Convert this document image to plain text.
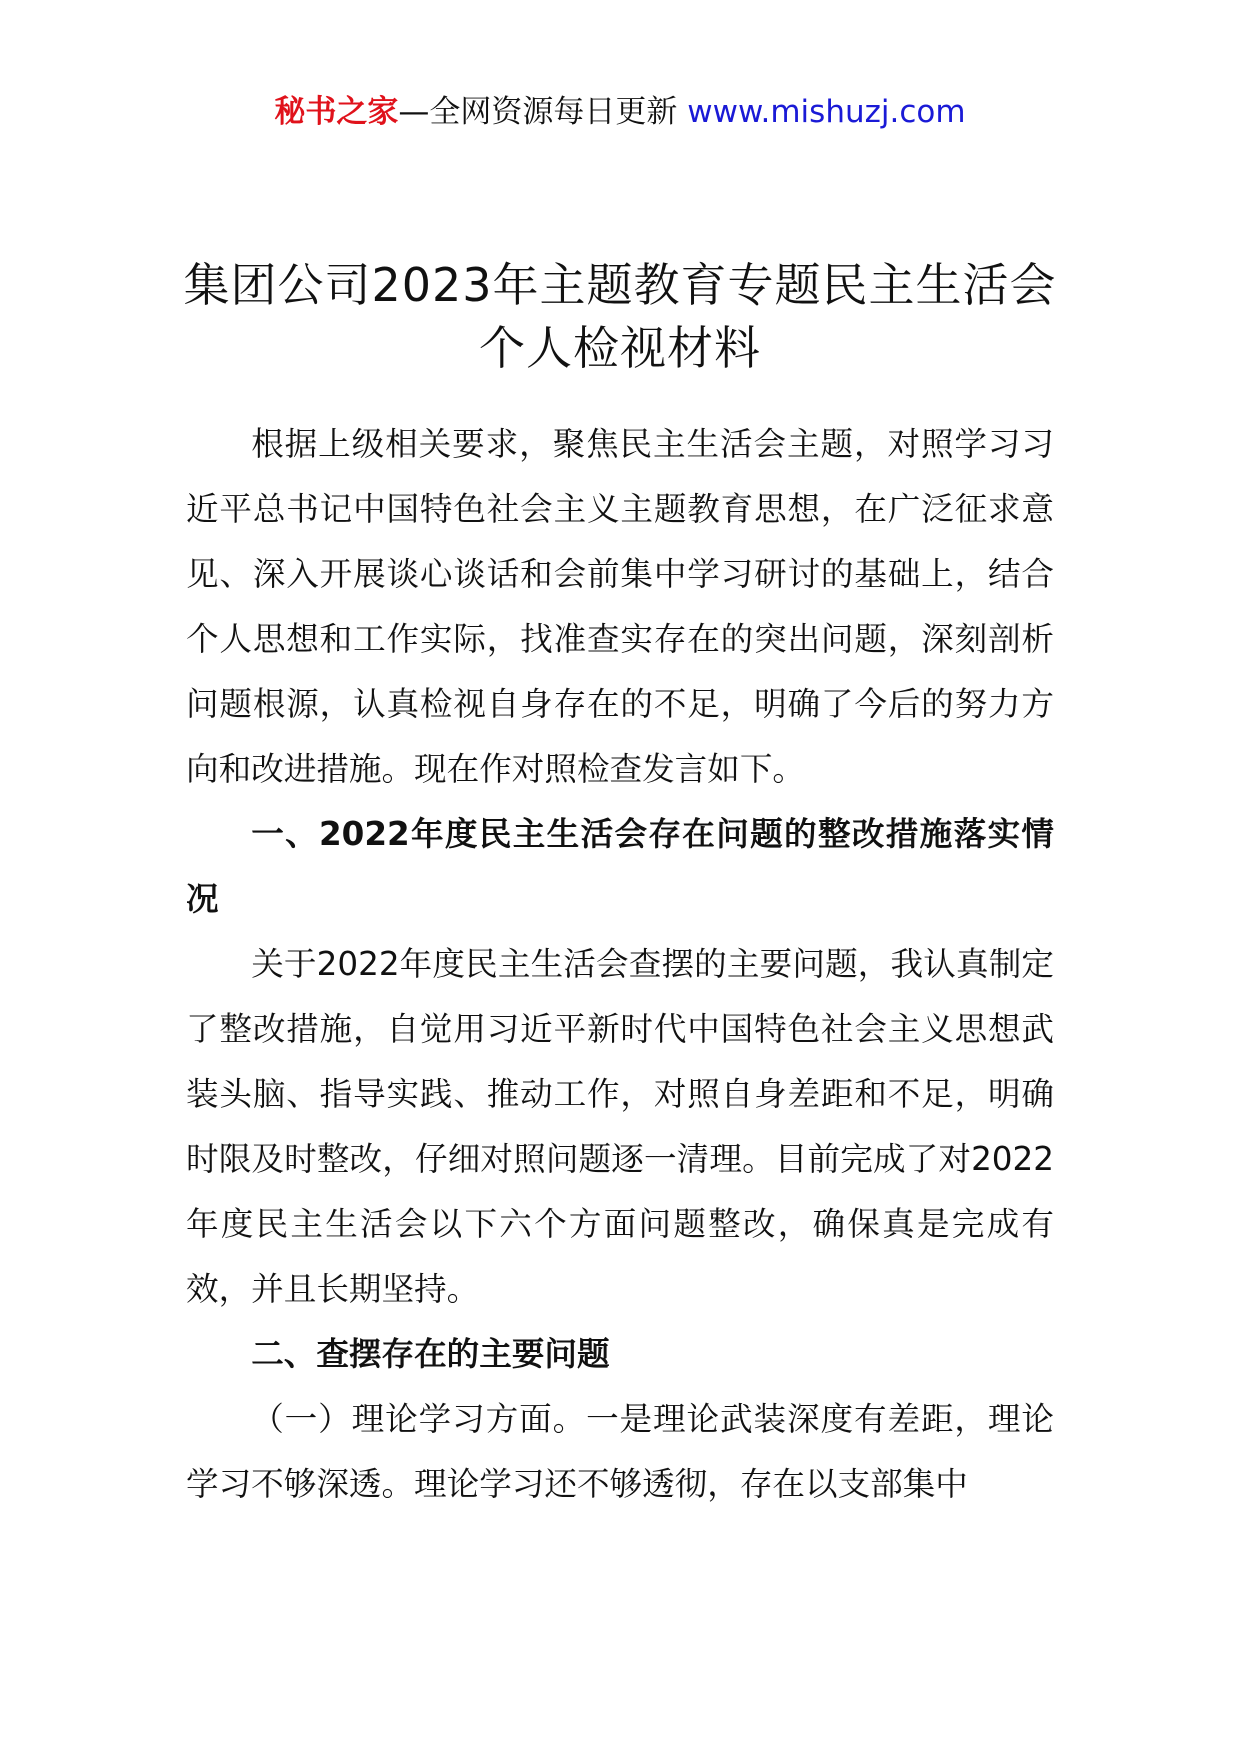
秘书之家—全网资源每日更新 www.mishuzj.com
集团公司2023年主题教育专题民主生活会
个人检视材料

根据上级相关要求，聚焦民主生活会主题，对照学习习近平总书记中国特色社会主义主题教育思想，在广泛征求意见、深入开展谈心谈话和会前集中学习研讨的基础上，结合个人思想和工作实际，找准查实存在的突出问题，深刻剖析问题根源，认真检视自身存在的不足，明确了今后的努力方向和改进措施。现在作对照检查发言如下。

一、2022年度民主生活会存在问题的整改措施落实情况

关于2022年度民主生活会查摆的主要问题，我认真制定了整改措施，自觉用习近平新时代中国特色社会主义思想武装头脑、指导实践、推动工作，对照自身差距和不足，明确时限及时整改，仔细对照问题逐一清理。目前完成了对2022年度民主生活会以下六个方面问题整改，确保真是完成有效，并且长期坚持。

二、查摆存在的主要问题

（一）理论学习方面。一是理论武装深度有差距，理论学习不够深透。理论学习还不够透彻，存在以支部集中
